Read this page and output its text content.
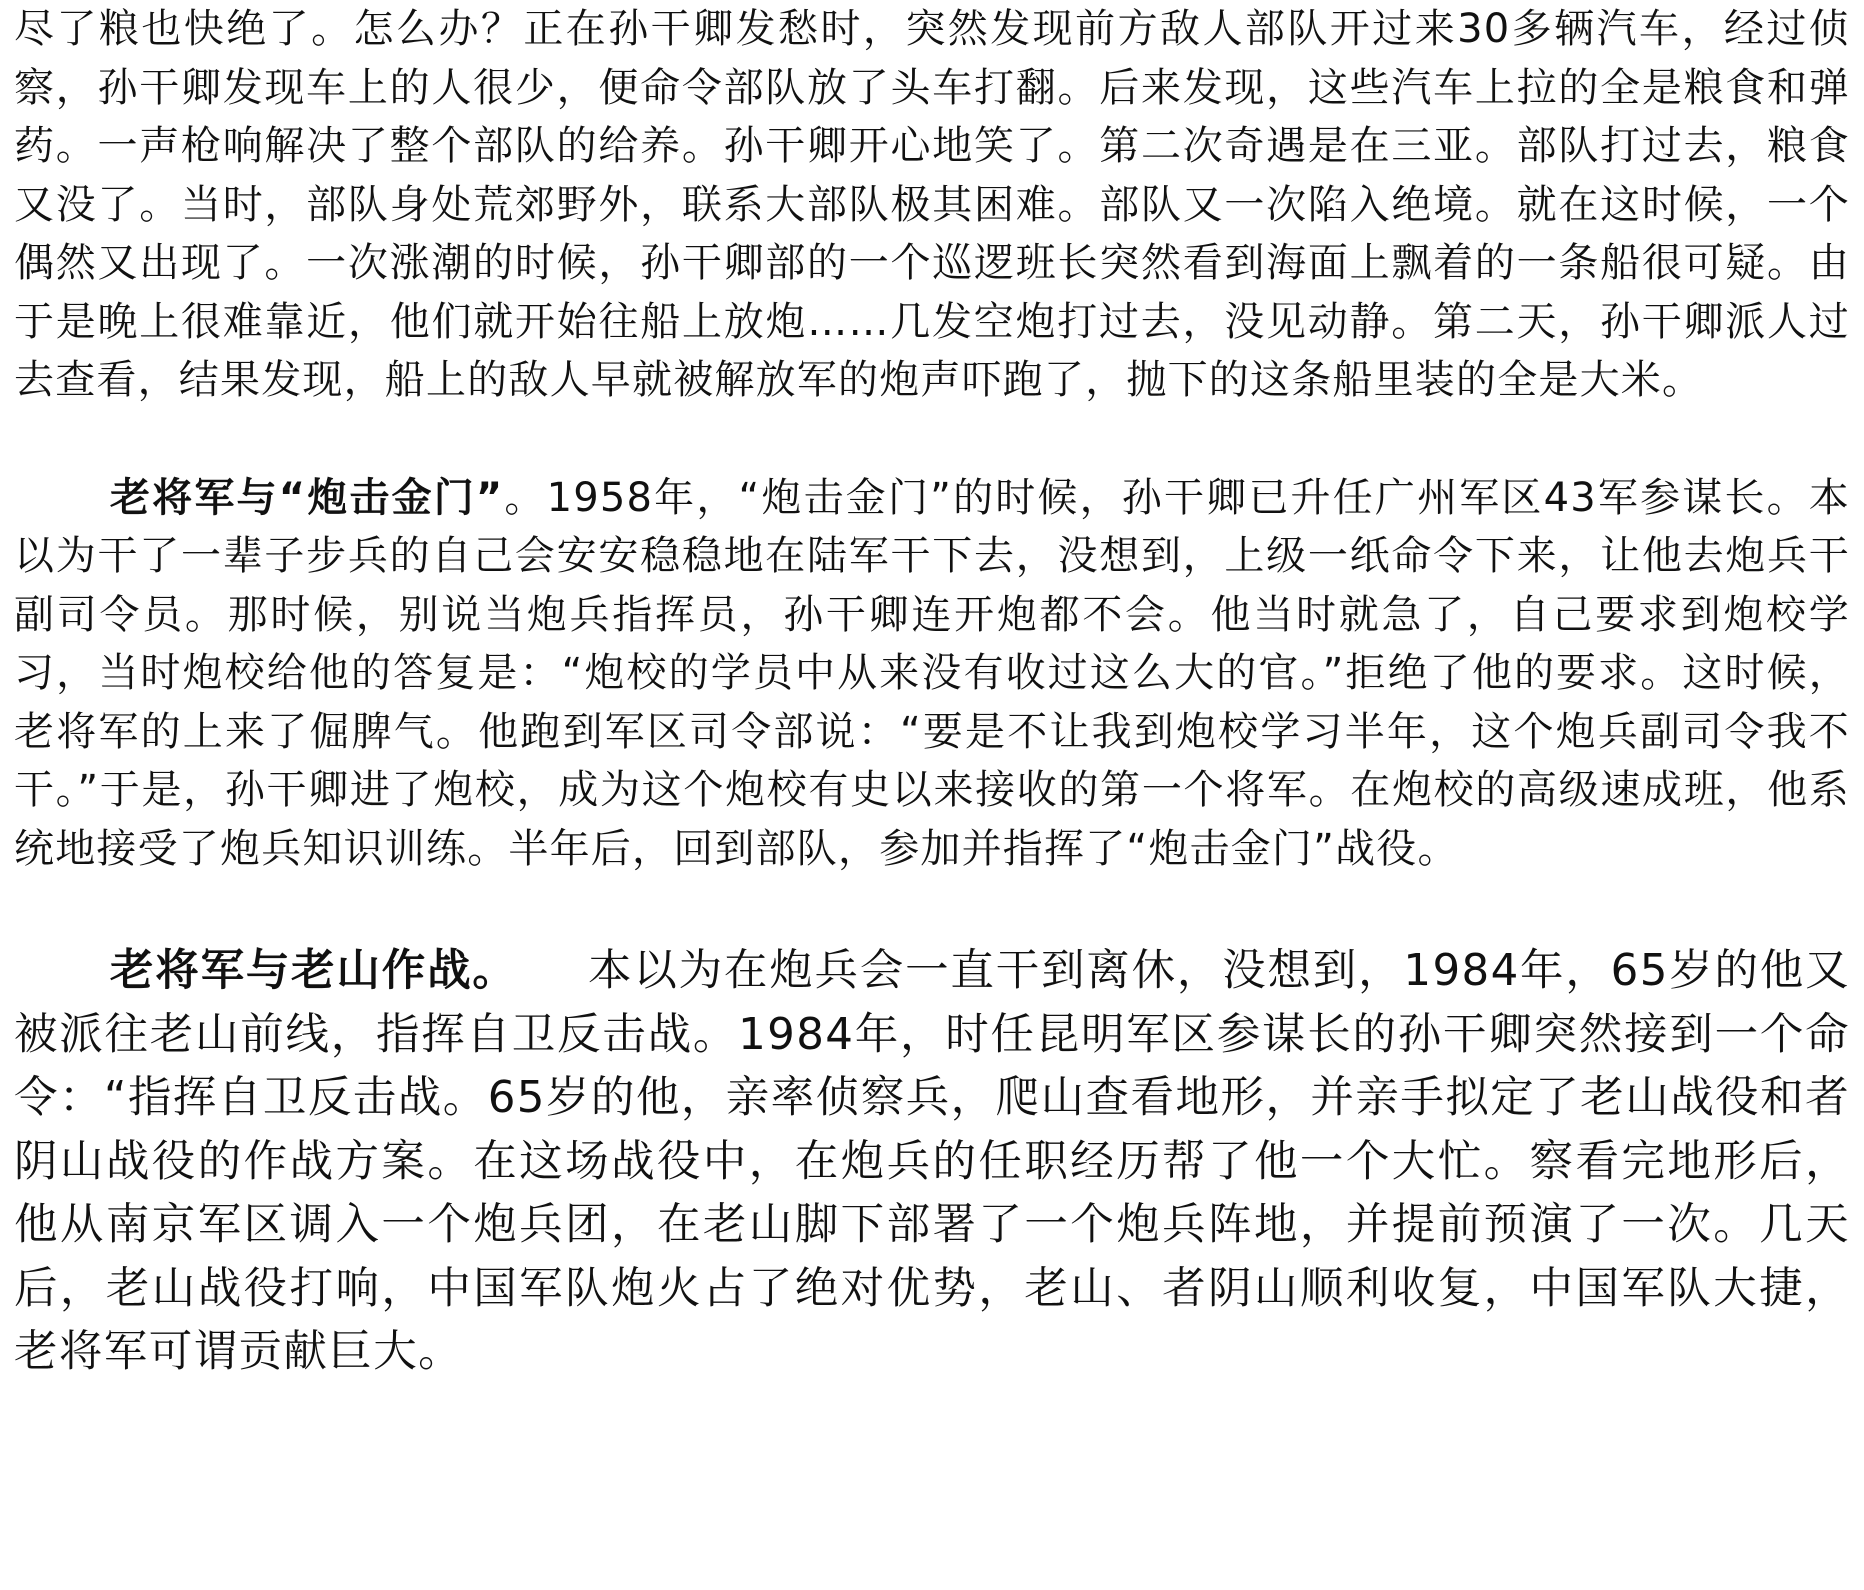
尽了粮也快绝了。怎么办？正在孙干卿发愁时，突然发现前方敌人部队开过来30多辆汽车，经过侦察，孙干卿发现车上的人很少，便命令部队放了头车打翻。后来发现，这些汽车上拉的全是粮食和弹药。一声枪响解决了整个部队的给养。孙干卿开心地笑了。第二次奇遇是在三亚。部队打过去，粮食又没了。当时，部队身处荒郊野外，联系大部队极其困难。部队又一次陷入绝境。就在这时候，一个偶然又出现了。一次涨潮的时候，孙干卿部的一个巡逻班长突然看到海面上飘着的一条船很可疑。由于是晚上很难靠近，他们就开始往船上放炮……几发空炮打过去，没见动静。第二天，孙干卿派人过去查看，结果发现，船上的敌人早就被解放军的炮声吓跑了，抛下的这条船里装的全是大米。

老将军与“炮击金门”。1958年，“炮击金门”的时候，孙干卿已升任广州军区43军参谋长。本以为干了一辈子步兵的自己会安安稳稳地在陆军干下去，没想到，上级一纸命令下来，让他去炮兵干副司令员。那时候，别说当炮兵指挥员，孙干卿连开炮都不会。他当时就急了，自己要求到炮校学习，当时炮校给他的答复是：“炮校的学员中从来没有收过这么大的官。”拒绝了他的要求。这时候，老将军的上来了倔脾气。他跑到军区司令部说：“要是不让我到炮校学习半年，这个炮兵副司令我不干。”于是，孙干卿进了炮校，成为这个炮校有史以来接收的第一个将军。在炮校的高级速成班，他系统地接受了炮兵知识训练。半年后，回到部队，参加并指挥了“炮击金门”战役。

老将军与老山作战。 本以为在炮兵会一直干到离休，没想到，1984年，65岁的他又被派往老山前线，指挥自卫反击战。1984年，时任昆明军区参谋长的孙干卿突然接到一个命令：“指挥自卫反击战。65岁的他，亲率侦察兵，爬山查看地形，并亲手拟定了老山战役和者阴山战役的作战方案。在这场战役中，在炮兵的任职经历帮了他一个大忙。察看完地形后，他从南京军区调入一个炮兵团，在老山脚下部署了一个炮兵阵地，并提前预演了一次。几天后，老山战役打响，中国军队炮火占了绝对优势，老山、者阴山顺利收复，中国军队大捷，老将军可谓贡献巨大。
